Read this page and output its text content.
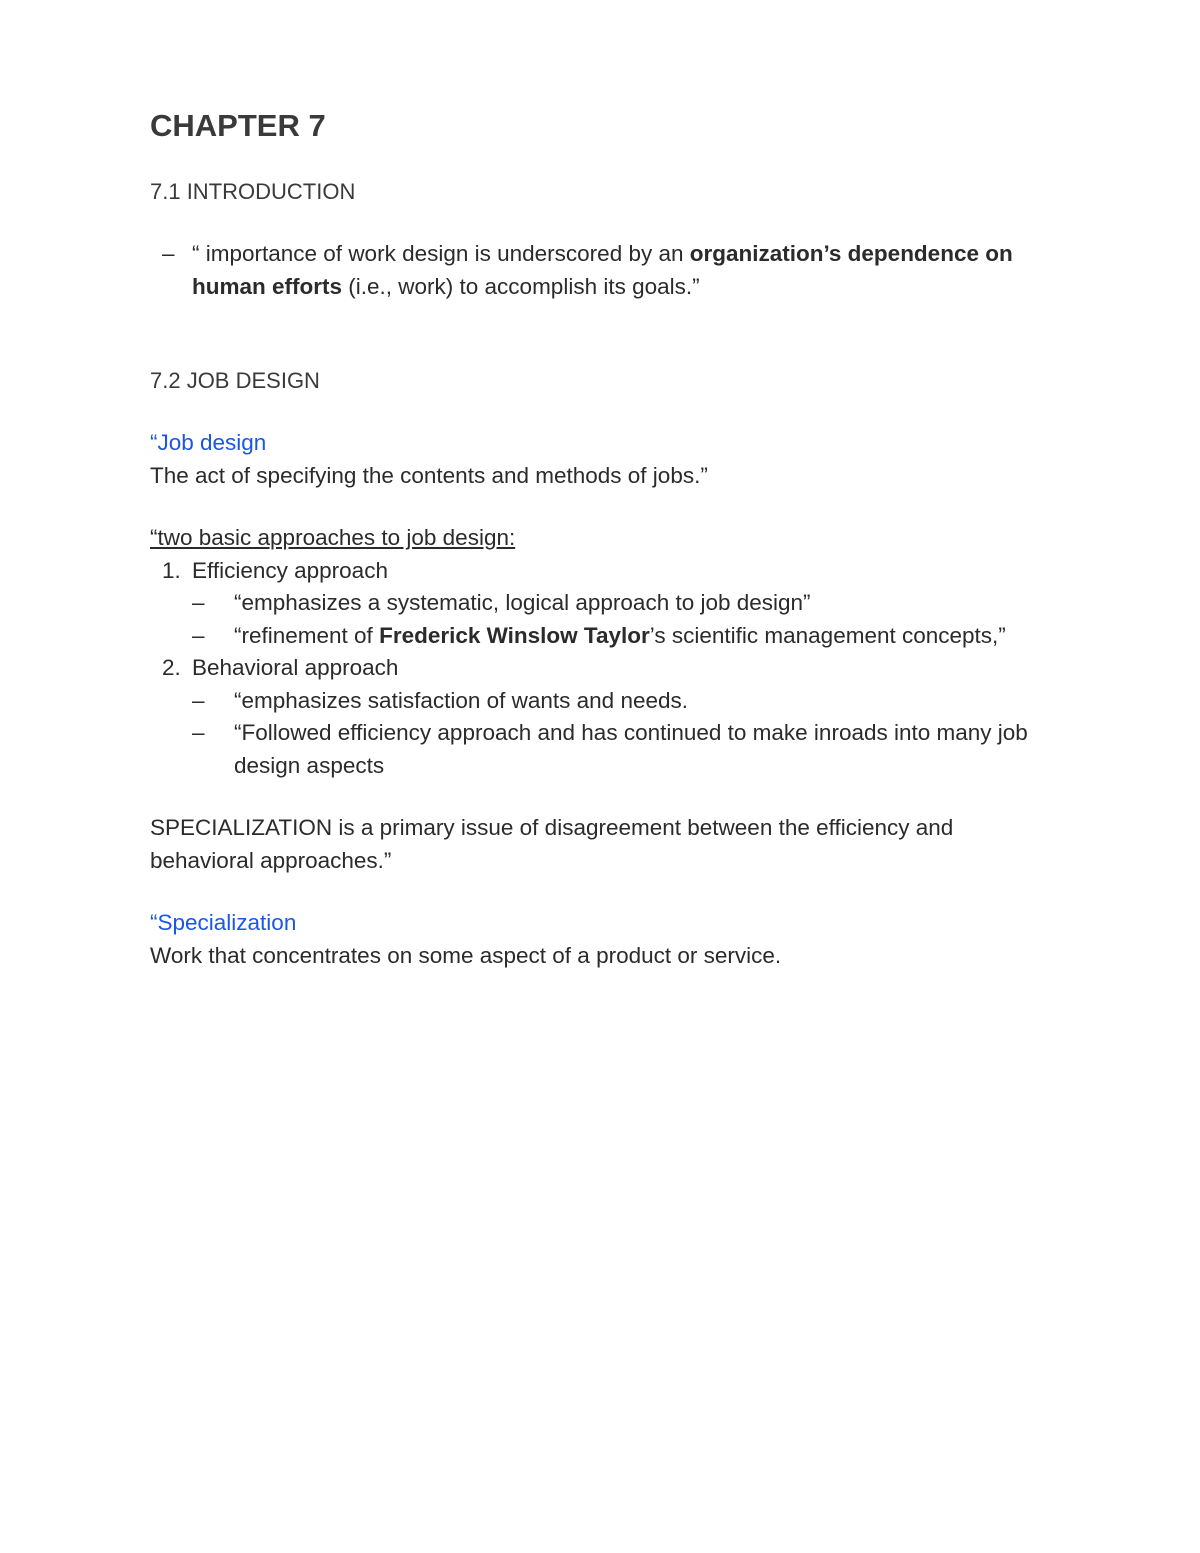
CHAPTER 7
7.1 INTRODUCTION
– “ importance of work design is underscored by an organization’s dependence on human efforts (i.e., work) to accomplish its goals.”
7.2 JOB DESIGN
“Job design
The act of specifying the contents and methods of jobs.”
“two basic approaches to job design:
1. Efficiency approach
– “emphasizes a systematic, logical approach to job design”
– “refinement of Frederick Winslow Taylor’s scientific management concepts,”
2. Behavioral approach
– “emphasizes satisfaction of wants and needs.
– “Followed efficiency approach and has continued to make inroads into many job design aspects
SPECIALIZATION is a primary issue of disagreement between the efficiency and behavioral approaches.”
“Specialization
Work that concentrates on some aspect of a product or service.
